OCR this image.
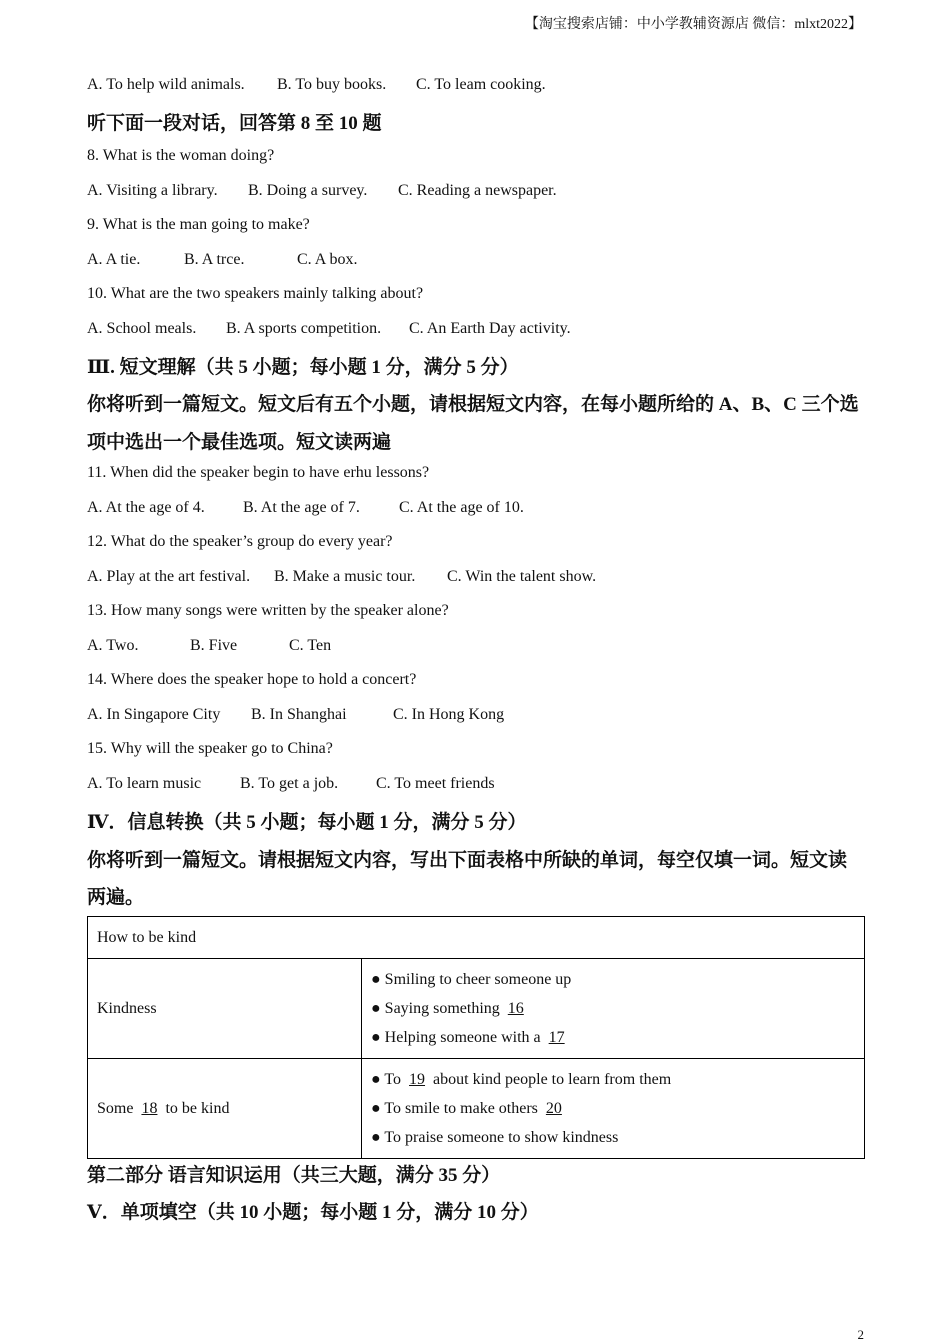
【淘宝搜索店铺：中小学教辅资源店 微信：mlxt2022】
A. To help wild animals. B. To buy books. C. To leam cooking.
听下面一段对话，回答第 8 至 10 题
8. What is the woman doing?
A. Visiting a library. B. Doing a survey. C. Reading a newspaper.
9. What is the man going to make?
A. A tie.	B. A trce.	C. A box.
10. What are the two speakers mainly talking about?
A. School meals. B. A sports competition. C. An Earth Day activity.
Ⅲ. 短文理解（共 5 小题；每小题 1 分，满分 5 分）
你将听到一篇短文。短文后有五个小题，请根据短文内容，在每小题所给的 A、B、C 三个选
项中选出一个最佳选项。短文读两遍
11. When did the speaker begin to have erhu lessons?
A. At the age of 4. B. At the age of 7. C. At the age of 10.
12. What do the speaker’s group do every year?
A. Play at the art festival. B. Make a music tour. C. Win the talent show.
13. How many songs were written by the speaker alone?
A. Two.	B. Five	C. Ten
14. Where does the speaker hope to hold a concert?
A. In Singapore City B. In Shanghai	C. In Hong Kong
15. Why will the speaker go to China?
A. To learn music B. To get a job. C. To meet friends
Ⅳ．信息转换（共 5 小题；每小题 1 分，满分 5 分）
你将听到一篇短文。请根据短文内容，写出下面表格中所缺的单词，每空仅填一词。短文读
两遍。
How to be kind	
Kindness	● Smiling to cheer someone up
● Saying something 16
● Helping someone with a 17

Some 18 to be kind	● To 19 about kind people to learn from them
● To smile to make others 20
● To praise someone to show kindness
第二部分 语言知识运用（共三大题，满分 35 分）
Ⅴ．单项填空（共 10 小题；每小题 1 分，满分 10 分）
2
